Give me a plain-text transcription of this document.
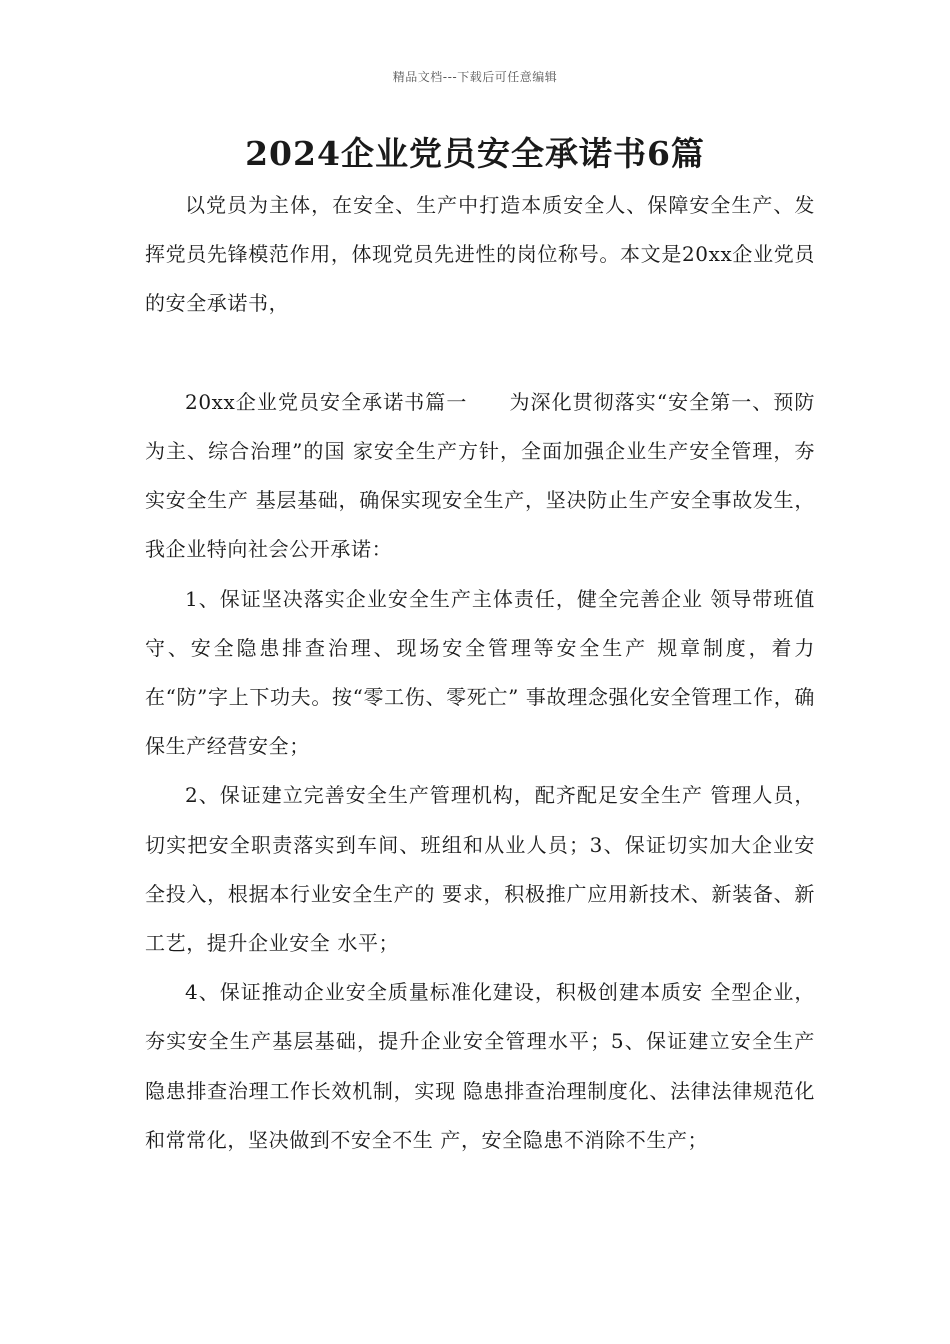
精品文档---下载后可任意编辑
2024企业党员安全承诺书6篇

以党员为主体，在安全、生产中打造本质安全人、保障安全生产、发挥党员先锋模范作用，体现党员先进性的岗位称号。本文是20xx企业党员的安全承诺书，

20xx企业党员安全承诺书篇一　　为深化贯彻落实“安全第一、预防为主、综合治理”的国 家安全生产方针，全面加强企业生产安全管理，夯实安全生产 基层基础，确保实现安全生产，坚决防止生产安全事故发生， 我企业特向社会公开承诺：

1、保证坚决落实企业安全生产主体责任，健全完善企业 领导带班值守、安全隐患排查治理、现场安全管理等安全生产 规章制度，着力在“防”字上下功夫。按“零工伤、零死亡” 事故理念强化安全管理工作，确保生产经营安全；

2、保证建立完善安全生产管理机构，配齐配足安全生产 管理人员，切实把安全职责落实到车间、班组和从业人员；3、保证切实加大企业安全投入，根据本行业安全生产的 要求，积极推广应用新技术、新装备、新工艺，提升企业安全 水平；

4、保证推动企业安全质量标准化建设，积极创建本质安 全型企业，夯实安全生产基层基础，提升企业安全管理水平；5、保证建立安全生产隐患排查治理工作长效机制，实现 隐患排查治理制度化、法律法律规范化和常常化，坚决做到不安全不生 产，安全隐患不消除不生产；
